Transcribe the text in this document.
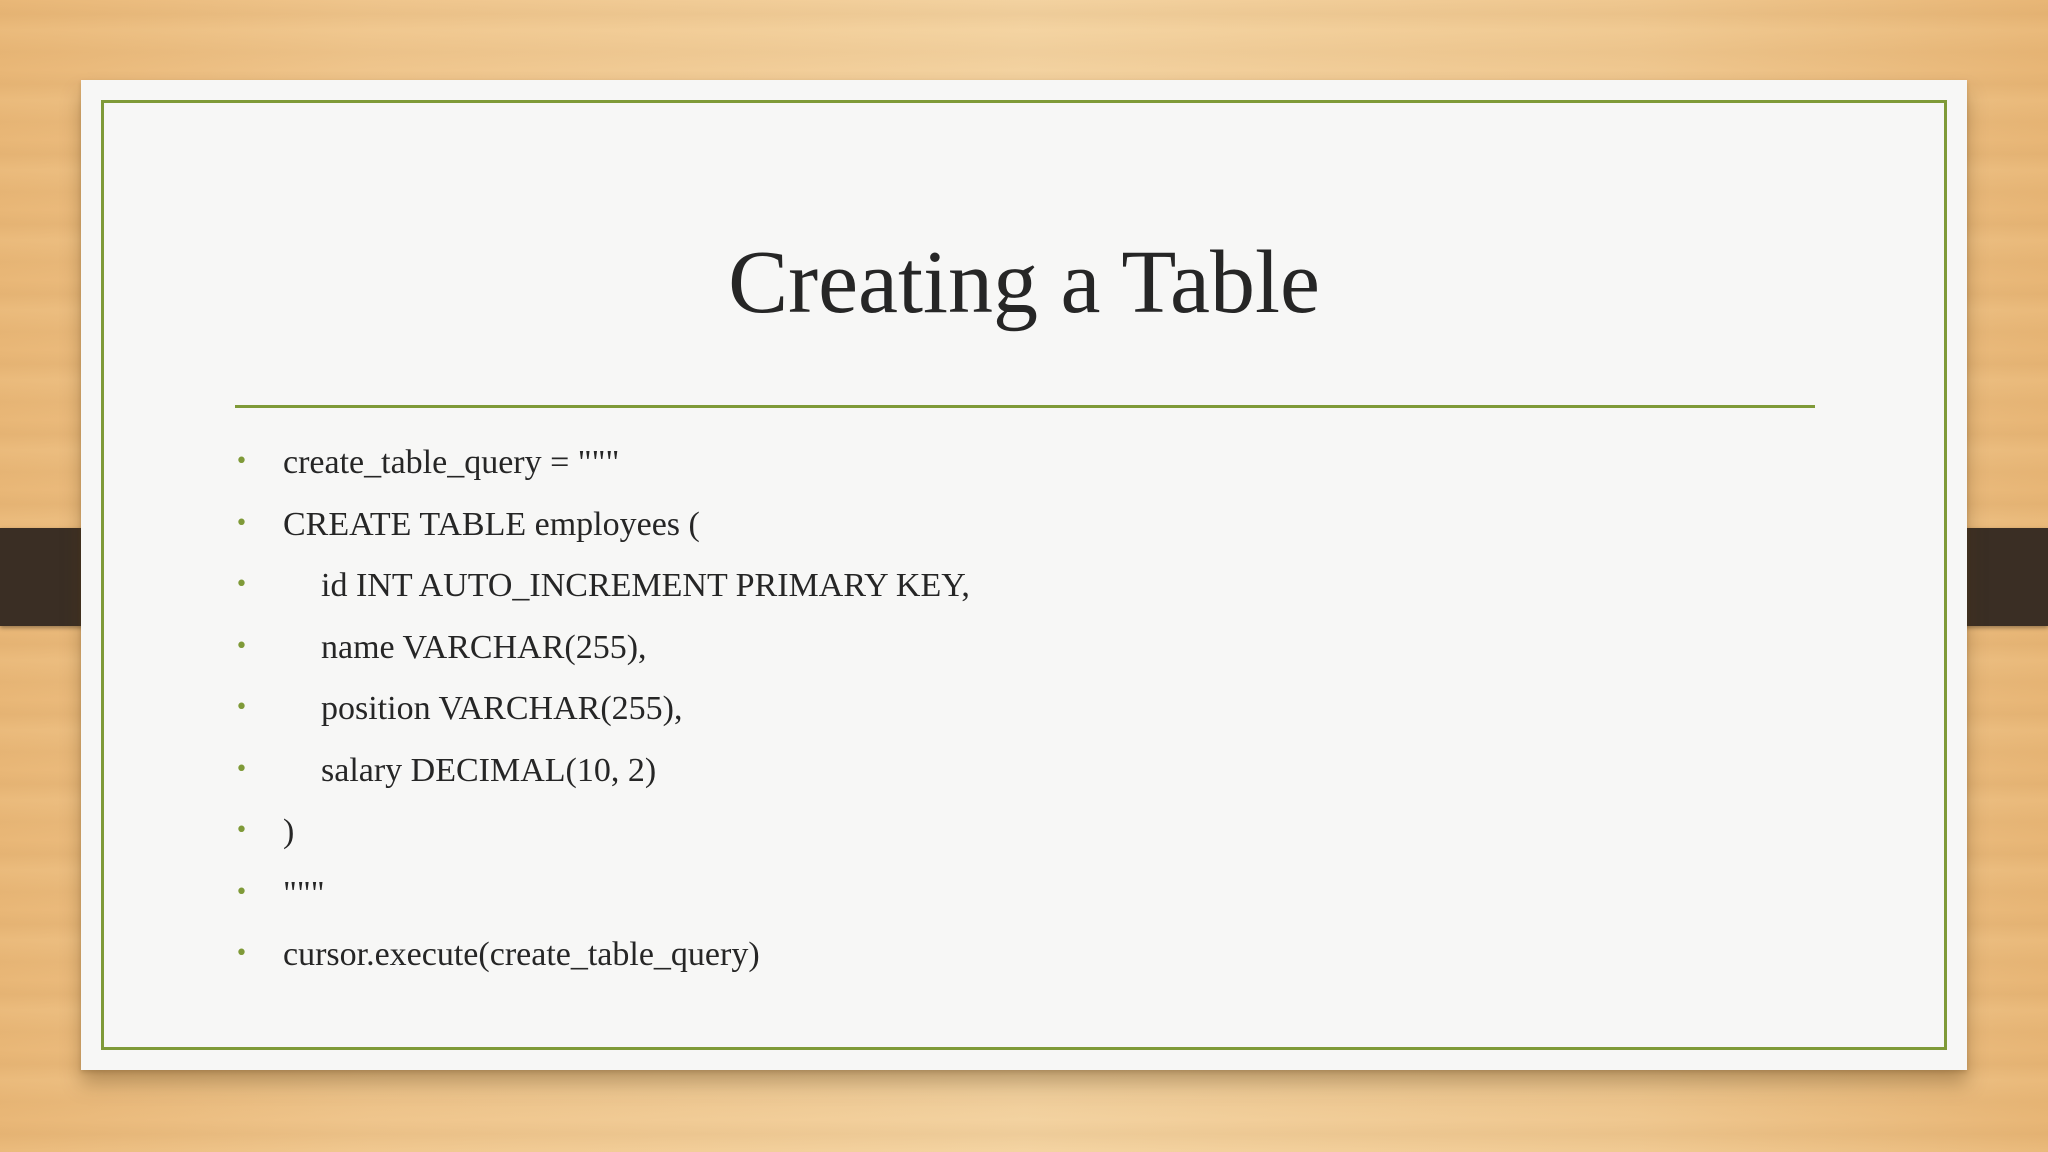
Creating a Table

•

create_table_query = """

•

CREATE TABLE employees (

•

id INT AUTO_INCREMENT PRIMARY KEY,

•

name VARCHAR(255),

•

position VARCHAR(255),

•

salary DECIMAL(10, 2)

•

)

•

"""

•

cursor.execute(create_table_query)
